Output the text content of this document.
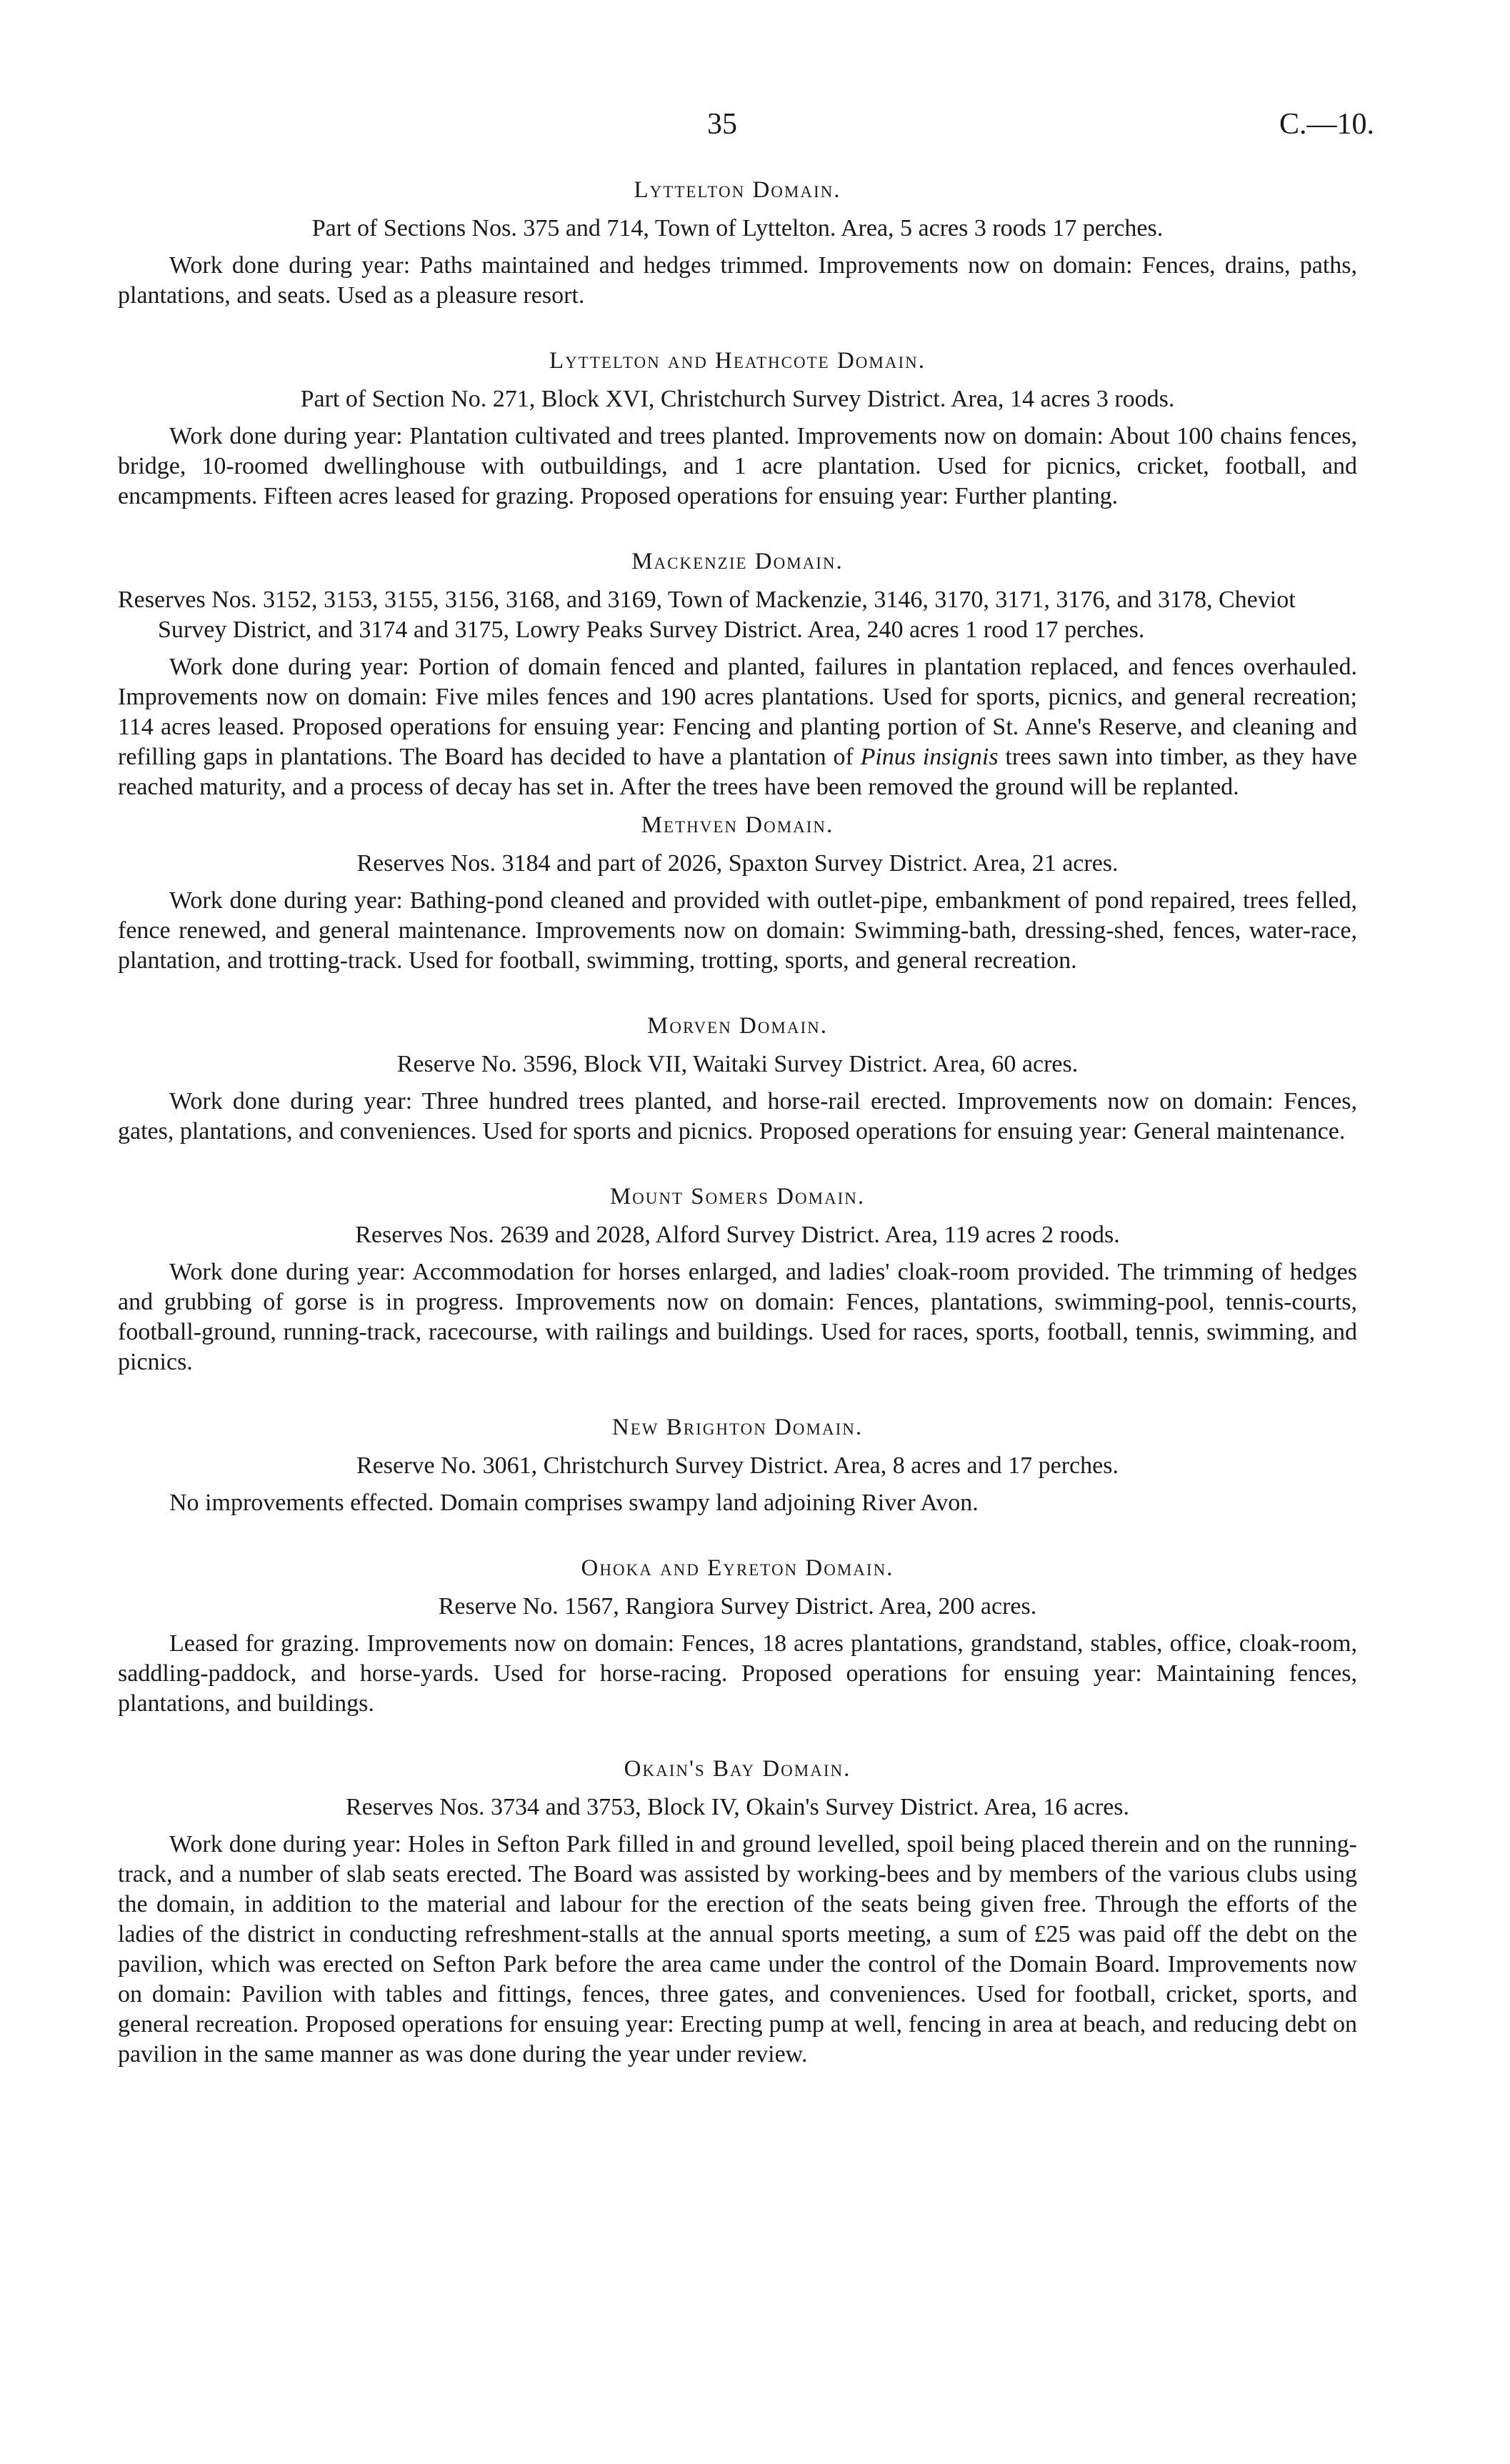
35	C.—10.
Lyttelton Domain.

Part of Sections Nos. 375 and 714, Town of Lyttelton. Area, 5 acres 3 roods 17 perches.

Work done during year: Paths maintained and hedges trimmed. Improvements now on domain: Fences, drains, paths, plantations, and seats. Used as a pleasure resort.

Lyttelton and Heathcote Domain.

Part of Section No. 271, Block XVI, Christchurch Survey District. Area, 14 acres 3 roods.

Work done during year: Plantation cultivated and trees planted. Improvements now on domain: About 100 chains fences, bridge, 10-roomed dwellinghouse with outbuildings, and 1 acre plantation. Used for picnics, cricket, football, and encampments. Fifteen acres leased for grazing. Proposed operations for ensuing year: Further planting.

Mackenzie Domain.

Reserves Nos. 3152, 3153, 3155, 3156, 3168, and 3169, Town of Mackenzie, 3146, 3170, 3171, 3176, and 3178, Cheviot Survey District, and 3174 and 3175, Lowry Peaks Survey District. Area, 240 acres 1 rood 17 perches.

Work done during year: Portion of domain fenced and planted, failures in plantation replaced, and fences overhauled. Improvements now on domain: Five miles fences and 190 acres plantations. Used for sports, picnics, and general recreation; 114 acres leased. Proposed operations for ensuing year: Fencing and planting portion of St. Anne's Reserve, and cleaning and refilling gaps in plantations. The Board has decided to have a plantation of Pinus insignis trees sawn into timber, as they have reached maturity, and a process of decay has set in. After the trees have been removed the ground will be replanted.

Methven Domain.

Reserves Nos. 3184 and part of 2026, Spaxton Survey District. Area, 21 acres.

Work done during year: Bathing-pond cleaned and provided with outlet-pipe, embankment of pond repaired, trees felled, fence renewed, and general maintenance. Improvements now on domain: Swimming-bath, dressing-shed, fences, water-race, plantation, and trotting-track. Used for football, swimming, trotting, sports, and general recreation.

Morven Domain.

Reserve No. 3596, Block VII, Waitaki Survey District. Area, 60 acres.

Work done during year: Three hundred trees planted, and horse-rail erected. Improvements now on domain: Fences, gates, plantations, and conveniences. Used for sports and picnics. Proposed operations for ensuing year: General maintenance.

Mount Somers Domain.

Reserves Nos. 2639 and 2028, Alford Survey District. Area, 119 acres 2 roods.

Work done during year: Accommodation for horses enlarged, and ladies' cloak-room provided. The trimming of hedges and grubbing of gorse is in progress. Improvements now on domain: Fences, plantations, swimming-pool, tennis-courts, football-ground, running-track, racecourse, with railings and buildings. Used for races, sports, football, tennis, swimming, and picnics.

New Brighton Domain.

Reserve No. 3061, Christchurch Survey District. Area, 8 acres and 17 perches.

No improvements effected. Domain comprises swampy land adjoining River Avon.

Ohoka and Eyreton Domain.

Reserve No. 1567, Rangiora Survey District. Area, 200 acres.

Leased for grazing. Improvements now on domain: Fences, 18 acres plantations, grandstand, stables, office, cloak-room, saddling-paddock, and horse-yards. Used for horse-racing. Proposed operations for ensuing year: Maintaining fences, plantations, and buildings.

Okain's Bay Domain.

Reserves Nos. 3734 and 3753, Block IV, Okain's Survey District. Area, 16 acres.

Work done during year: Holes in Sefton Park filled in and ground levelled, spoil being placed therein and on the running-track, and a number of slab seats erected. The Board was assisted by working-bees and by members of the various clubs using the domain, in addition to the material and labour for the erection of the seats being given free. Through the efforts of the ladies of the district in conducting refreshment-stalls at the annual sports meeting, a sum of £25 was paid off the debt on the pavilion, which was erected on Sefton Park before the area came under the control of the Domain Board. Improvements now on domain: Pavilion with tables and fittings, fences, three gates, and conveniences. Used for football, cricket, sports, and general recreation. Proposed operations for ensuing year: Erecting pump at well, fencing in area at beach, and reducing debt on pavilion in the same manner as was done during the year under review.
